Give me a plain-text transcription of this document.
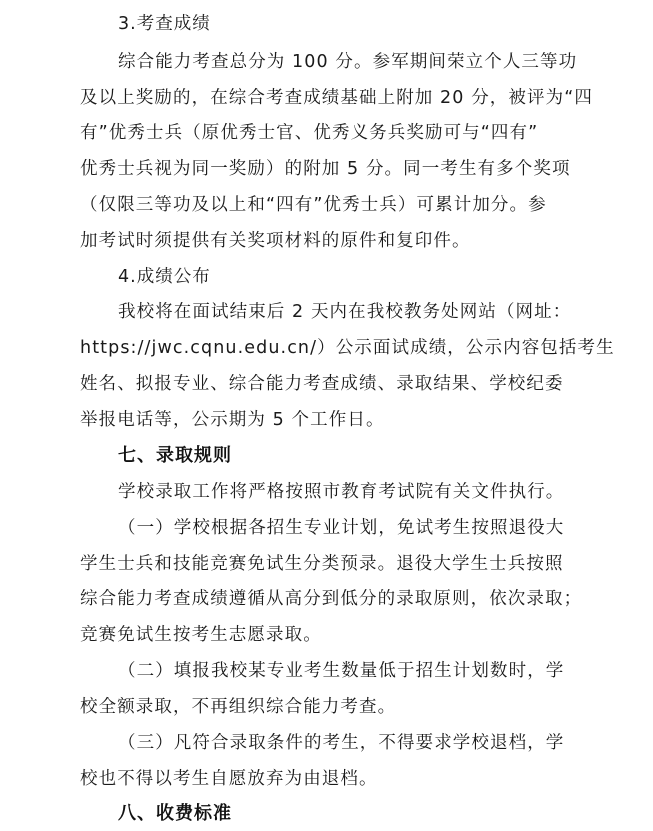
3.考查成绩
综合能力考查总分为 100 分。参军期间荣立个人三等功
及以上奖励的，在综合考查成绩基础上附加 20 分，被评为“四
有”优秀士兵（原优秀士官、优秀义务兵奖励可与“四有”
优秀士兵视为同一奖励）的附加 5 分。同一考生有多个奖项
（仅限三等功及以上和“四有”优秀士兵）可累计加分。参
加考试时须提供有关奖项材料的原件和复印件。
4.成绩公布
我校将在面试结束后 2 天内在我校教务处网站（网址：
https://jwc.cqnu.edu.cn/）公示面试成绩，公示内容包括考生
姓名、拟报专业、综合能力考查成绩、录取结果、学校纪委
举报电话等，公示期为 5 个工作日。
七、录取规则
学校录取工作将严格按照市教育考试院有关文件执行。
（一）学校根据各招生专业计划，免试考生按照退役大
学生士兵和技能竞赛免试生分类预录。退役大学生士兵按照
综合能力考查成绩遵循从高分到低分的录取原则，依次录取；
竞赛免试生按考生志愿录取。
（二）填报我校某专业考生数量低于招生计划数时，学
校全额录取，不再组织综合能力考查。
（三）凡符合录取条件的考生，不得要求学校退档，学
校也不得以考生自愿放弃为由退档。
八、收费标准
